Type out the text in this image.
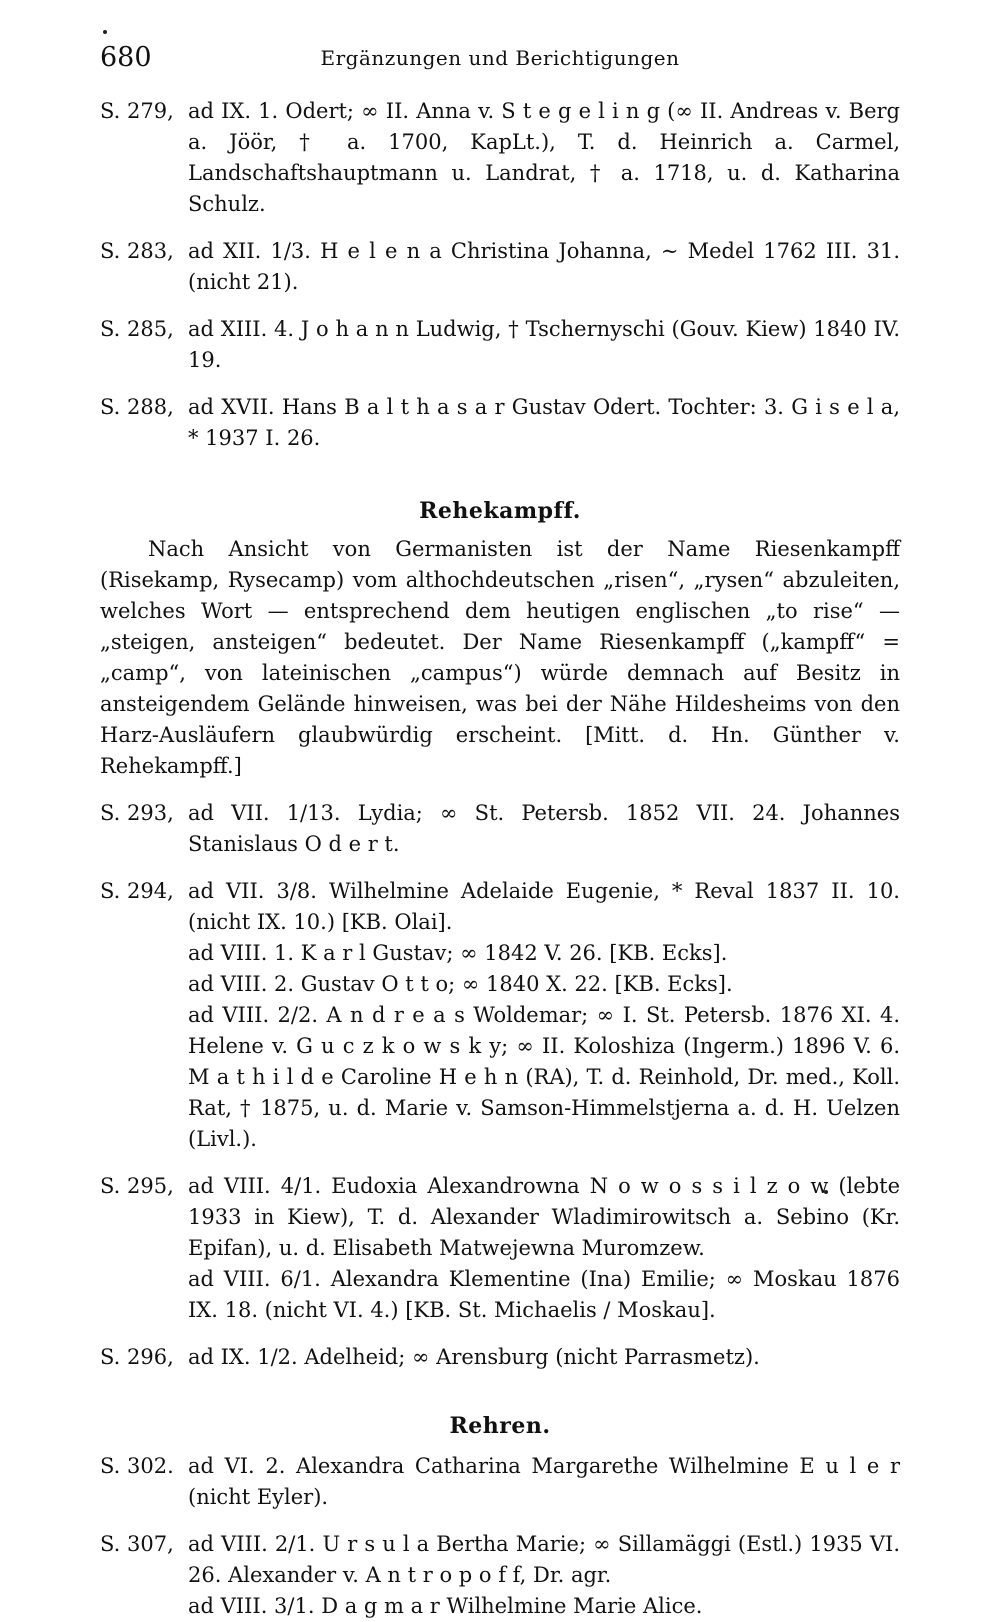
680	Ergänzungen und Berichtigungen
S. 279, ad IX. 1. Odert; ∞ II. Anna v. S t e g e l i n g (∞ II. Andreas v. Berg a. Jöör, † a. 1700, KapLt.), T. d. Heinrich a. Carmel, Landschaftshauptmann u. Landrat, † a. 1718, u. d. Katharina Schulz.
S. 283, ad XII. 1/3. H e l e n a Christina Johanna, ∼ Medel 1762 III. 31. (nicht 21).
S. 285, ad XIII. 4. J o h a n n Ludwig, † Tschernyschi (Gouv. Kiew) 1840 IV. 19.
S. 288, ad XVII. Hans B a l t h a s a r Gustav Odert. Tochter: 3. G i s e l a, * 1937 I. 26.
Rehekampff.
Nach Ansicht von Germanisten ist der Name Riesenkampff (Risekamp, Rysecamp) vom althochdeutschen „risen“, „rysen“ abzuleiten, welches Wort — entsprechend dem heutigen englischen „to rise“ — „steigen, ansteigen“ bedeutet. Der Name Riesenkampff („kampff“ = „camp“, von lateinischen „campus“) würde demnach auf Besitz in ansteigendem Gelände hinweisen, was bei der Nähe Hildesheims von den Harz-Ausläufern glaubwürdig erscheint. [Mitt. d. Hn. Günther v. Rehekampff.]
S. 293, ad VII. 1/13. Lydia; ∞ St. Petersb. 1852 VII. 24. Johannes Stanislaus O d e r t.
S. 294, ad VII. 3/8. Wilhelmine Adelaide Eugenie, * Reval 1837 II. 10. (nicht IX. 10.) [KB. Olai].
ad VIII. 1. K a r l Gustav; ∞ 1842 V. 26. [KB. Ecks].
ad VIII. 2. Gustav O t t o; ∞ 1840 X. 22. [KB. Ecks].
ad VIII. 2/2. A n d r e a s Woldemar; ∞ I. St. Petersb. 1876 XI. 4. Helene v. G u c z k o w s k y; ∞ II. Koloshiza (Ingerm.) 1896 V. 6. M a t h i l d e Caroline H e h n (RA), T. d. Reinhold, Dr. med., Koll. Rat, † 1875, u. d. Marie v. Samson-Himmelstjerna a. d. H. Uelzen (Livl.).
S. 295, ad VIII. 4/1. Eudoxia Alexandrowna N o w o s s i l z o w (lebte 1933 in Kiew), T. d. Alexander Wladimirowitsch a. Sebino (Kr. Epifan), u. d. Elisabeth Matwejewna Muromzew.
ad VIII. 6/1. Alexandra Klementine (Ina) Emilie; ∞ Moskau 1876 IX. 18. (nicht VI. 4.) [KB. St. Michaelis / Moskau].
S. 296, ad IX. 1/2. Adelheid; ∞ Arensburg (nicht Parrasmetz).
Rehren.
S. 302. ad VI. 2. Alexandra Catharina Margarethe Wilhelmine E u l e r (nicht Eyler).
S. 307, ad VIII. 2/1. U r s u l a Bertha Marie; ∞ Sillamäggi (Estl.) 1935 VI. 26. Alexander v. A n t r o p o f f, Dr. agr.
ad VIII. 3/1. D a g m a r Wilhelmine Marie Alice.
